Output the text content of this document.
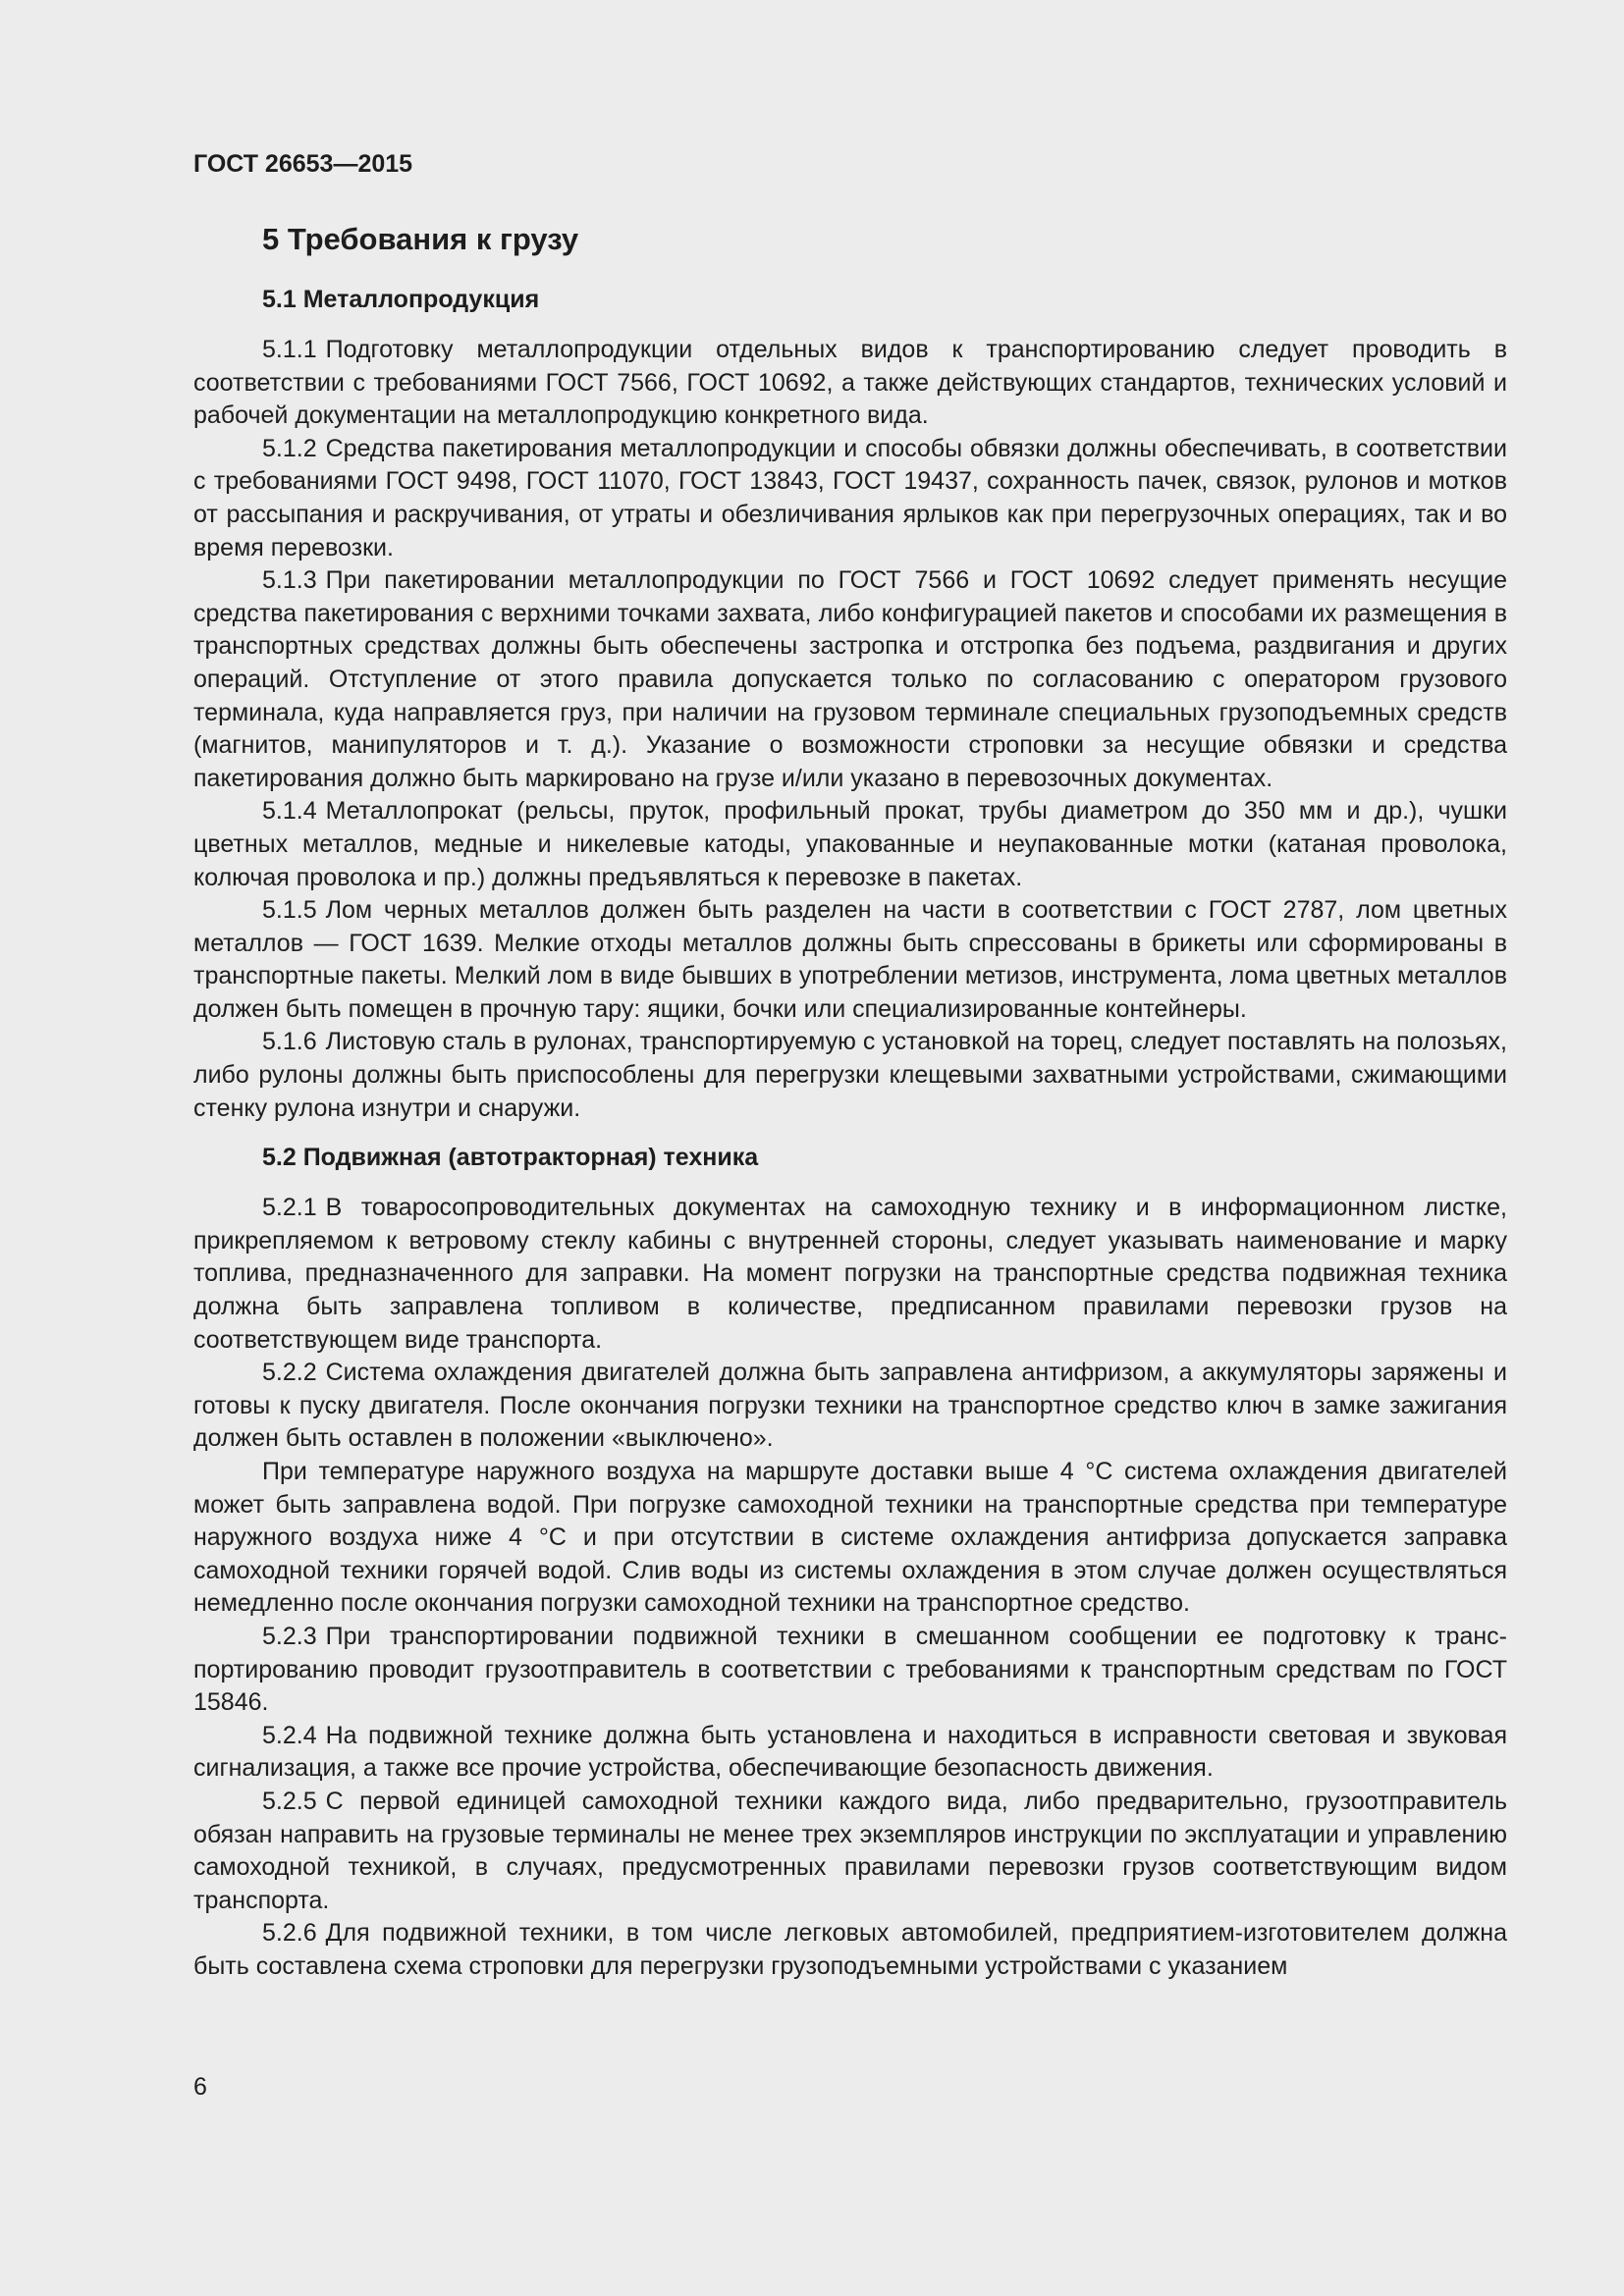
ГОСТ 26653—2015
5 Требования к грузу
5.1 Металлопродукция

5.1.1 Подготовку металлопродукции отдельных видов к транспортированию следует проводить в соответствии с требованиями ГОСТ 7566, ГОСТ 10692, а также действующих стандартов, технических условий и рабочей документации на металлопродукцию конкретного вида.

5.1.2 Средства пакетирования металлопродукции и способы обвязки должны обеспечивать, в соответствии с требованиями ГОСТ 9498, ГОСТ 11070, ГОСТ 13843, ГОСТ 19437, сохранность пачек, связок, рулонов и мотков от рассыпания и раскручивания, от утраты и обезличивания ярлыков как при перегрузочных операциях, так и во время перевозки.

5.1.3 При пакетировании металлопродукции по ГОСТ 7566 и ГОСТ 10692 следует применять несущие средства пакетирования с верхними точками захвата, либо конфигурацией пакетов и способами их размещения в транспортных средствах должны быть обеспечены застропка и отстропка без подъема, раздвигания и других операций. Отступление от этого правила допускается только по согласованию с оператором грузового терминала, куда направляется груз, при наличии на грузовом терминале специальных грузоподъемных средств (магнитов, манипуляторов и т. д.). Указание о возможности строповки за несущие обвязки и средства пакетирования должно быть маркировано на грузе и/или указано в перевозочных документах.

5.1.4 Металлопрокат (рельсы, пруток, профильный прокат, трубы диаметром до 350 мм и др.), чушки цветных металлов, медные и никелевые катоды, упакованные и неупакованные мотки (катаная проволока, колючая проволока и пр.) должны предъявляться к перевозке в пакетах.

5.1.5 Лом черных металлов должен быть разделен на части в соответствии с ГОСТ 2787, лом цветных металлов — ГОСТ 1639. Мелкие отходы металлов должны быть спрессованы в брикеты или сформированы в транспортные пакеты. Мелкий лом в виде бывших в употреблении метизов, инструмента, лома цветных металлов должен быть помещен в прочную тару: ящики, бочки или специализированные контейнеры.

5.1.6 Листовую сталь в рулонах, транспортируемую с установкой на торец, следует поставлять на полозьях, либо рулоны должны быть приспособлены для перегрузки клещевыми захватными устройствами, сжимающими стенку рулона изнутри и снаружи.

5.2 Подвижная (автотракторная) техника

5.2.1 В товаросопроводительных документах на самоходную технику и в информационном листке, прикрепляемом к ветровому стеклу кабины с внутренней стороны, следует указывать наименование и марку топлива, предназначенного для заправки. На момент погрузки на транспортные средства подвижная техника должна быть заправлена топливом в количестве, предписанном правилами перевозки грузов на соответствующем виде транспорта.

5.2.2 Система охлаждения двигателей должна быть заправлена антифризом, а аккумуляторы заряжены и готовы к пуску двигателя. После окончания погрузки техники на транспортное средство ключ в замке зажигания должен быть оставлен в положении «выключено».

При температуре наружного воздуха на маршруте доставки выше 4 °С система охлаждения двигателей может быть заправлена водой. При погрузке самоходной техники на транспортные средства при температуре наружного воздуха ниже 4 °С и при отсутствии в системе охлаждения антифриза допускается заправка самоходной техники горячей водой. Слив воды из системы охлаждения в этом случае должен осуществляться немедленно после окончания погрузки самоходной техники на транспортное средство.

5.2.3 При транспортировании подвижной техники в смешанном сообщении ее подготовку к транспортированию проводит грузоотправитель в соответствии с требованиями к транспортным средствам по ГОСТ 15846.

5.2.4 На подвижной технике должна быть установлена и находиться в исправности световая и звуковая сигнализация, а также все прочие устройства, обеспечивающие безопасность движения.

5.2.5 С первой единицей самоходной техники каждого вида, либо предварительно, грузоотправитель обязан направить на грузовые терминалы не менее трех экземпляров инструкции по эксплуатации и управлению самоходной техникой, в случаях, предусмотренных правилами перевозки грузов соответствующим видом транспорта.

5.2.6 Для подвижной техники, в том числе легковых автомобилей, предприятием-изготовителем должна быть составлена схема строповки для перегрузки грузоподъемными устройствами с указанием

6
